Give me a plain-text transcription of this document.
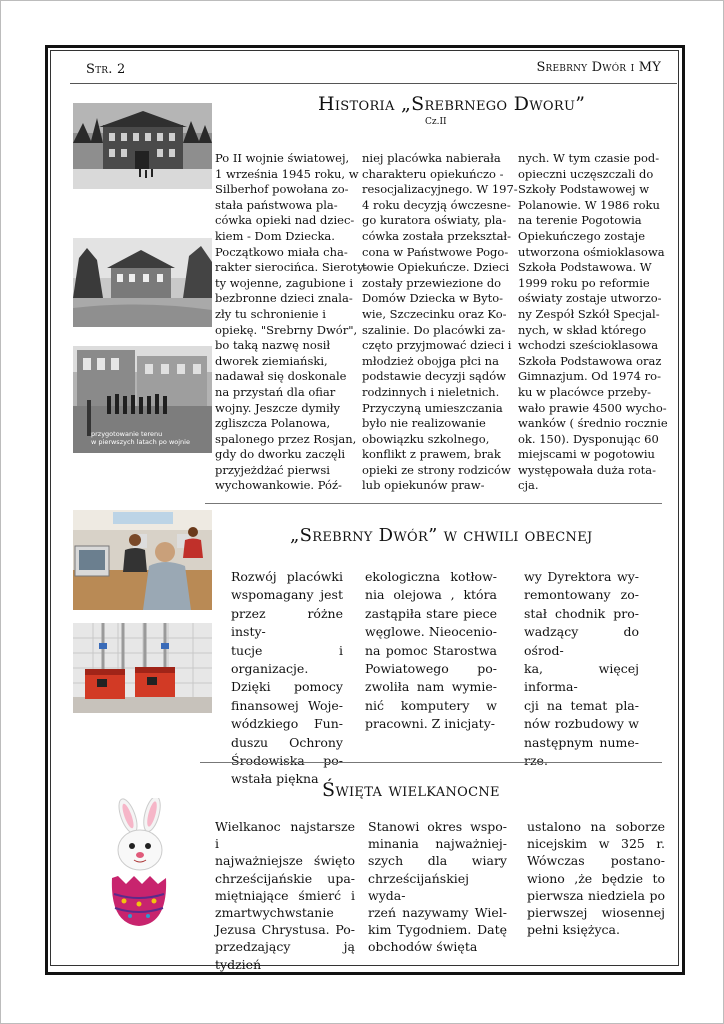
Str. 2	Srebrny Dwór i MY
Historia „Srebrnego Dworu”
Cz.II
przygotowanie terenu
w pierwszych latach po wojnie
Po II wojnie światowej,
1 września 1945 roku, w
Silberhof powołana zo-
stała państwowa pla-
cówka opieki nad dziec-
kiem - Dom Dziecka.
Początkowo miała cha-
rakter sierocińca. Sieroty-
ty wojenne, zagubione i
bezbronne dzieci znala-
zły tu schronienie i
opiekę. "Srebrny Dwór",
bo taką nazwę nosił
dworek ziemiański,
nadawał się doskonale
na przystań dla ofiar
wojny. Jeszcze dymiły
zgliszcza Polanowa,
spalonego przez Rosjan,
gdy do dworku zaczęli
przyjeżdżać pierwsi
wychowankowie. Póź-
niej placówka nabierała
charakteru opiekuńczo -
resocjalizacyjnego. W 197-
4 roku decyzją ówczesne-
go kuratora oświaty, pla-
cówka została przekształ-
cona w Państwowe Pogo-
towie Opiekuńcze. Dzieci
zostały przewiezione do
Domów Dziecka w Byto-
wie, Szczecinku oraz Ko-
szalinie. Do placówki za-
częto przyjmować dzieci i
młodzież obojga płci na
podstawie decyzji sądów
rodzinnych i nieletnich.
Przyczyną umieszczania
było nie realizowanie
obowiązku szkolnego,
konflikt z prawem, brak
opieki ze strony rodziców
lub opiekunów praw-
nych. W tym czasie pod-
opieczni uczęszczali do
Szkoły Podstawowej w
Polanowie. W 1986 roku
na terenie Pogotowia
Opiekuńczego zostaje
utworzona ośmioklasowa
Szkoła Podstawowa. W
1999 roku po reformie
oświaty zostaje utworzo-
ny Zespół Szkół Specjal-
nych, w skład którego
wchodzi sześcioklasowa
Szkoła Podstawowa oraz
Gimnazjum. Od 1974 ro-
ku w placówce przeby-
wało prawie 4500 wycho-
wanków ( średnio rocznie
ok. 150). Dysponując 60
miejscami w pogotowiu
występowała duża rota-
cja.
„Srebrny Dwór” w chwili obecnej
Rozwój placówki
wspomagany jest
przez różne insty-
tucje i organizacje.
Dzięki pomocy
finansowej Woje-
wódzkiego Fun-
duszu Ochrony
Środowiska po-
wstała piękna
ekologiczna kotłow-
nia olejowa , która
zastąpiła stare piece
węglowe. Nieocenio-
na pomoc Starostwa
Powiatowego po-
zwoliła nam wymie-
nić komputery w
pracowni. Z inicjaty-
wy Dyrektora wy-
remontowany zo-
stał chodnik pro-
wadzący do ośrod-
ka, więcej informa-
cji na temat pla-
nów rozbudowy w
następnym nume-
rze.
Święta wielkanocne
Wielkanoc najstarsze i
najważniejsze święto
chrześcijańskie upa-
miętniające śmierć i
zmartwychwstanie
Jezusa Chrystusa. Po-
przedzający ją tydzień
Stanowi okres wspo-
minania najważniej-
szych dla wiary
chrześcijańskiej wyda-
rzeń nazywamy Wiel-
kim Tygodniem. Datę
obchodów święta
ustalono na soborze
nicejskim w 325 r.
Wówczas postano-
wiono ,że będzie to
pierwsza niedziela po
pierwszej wiosennej
pełni księżyca.
